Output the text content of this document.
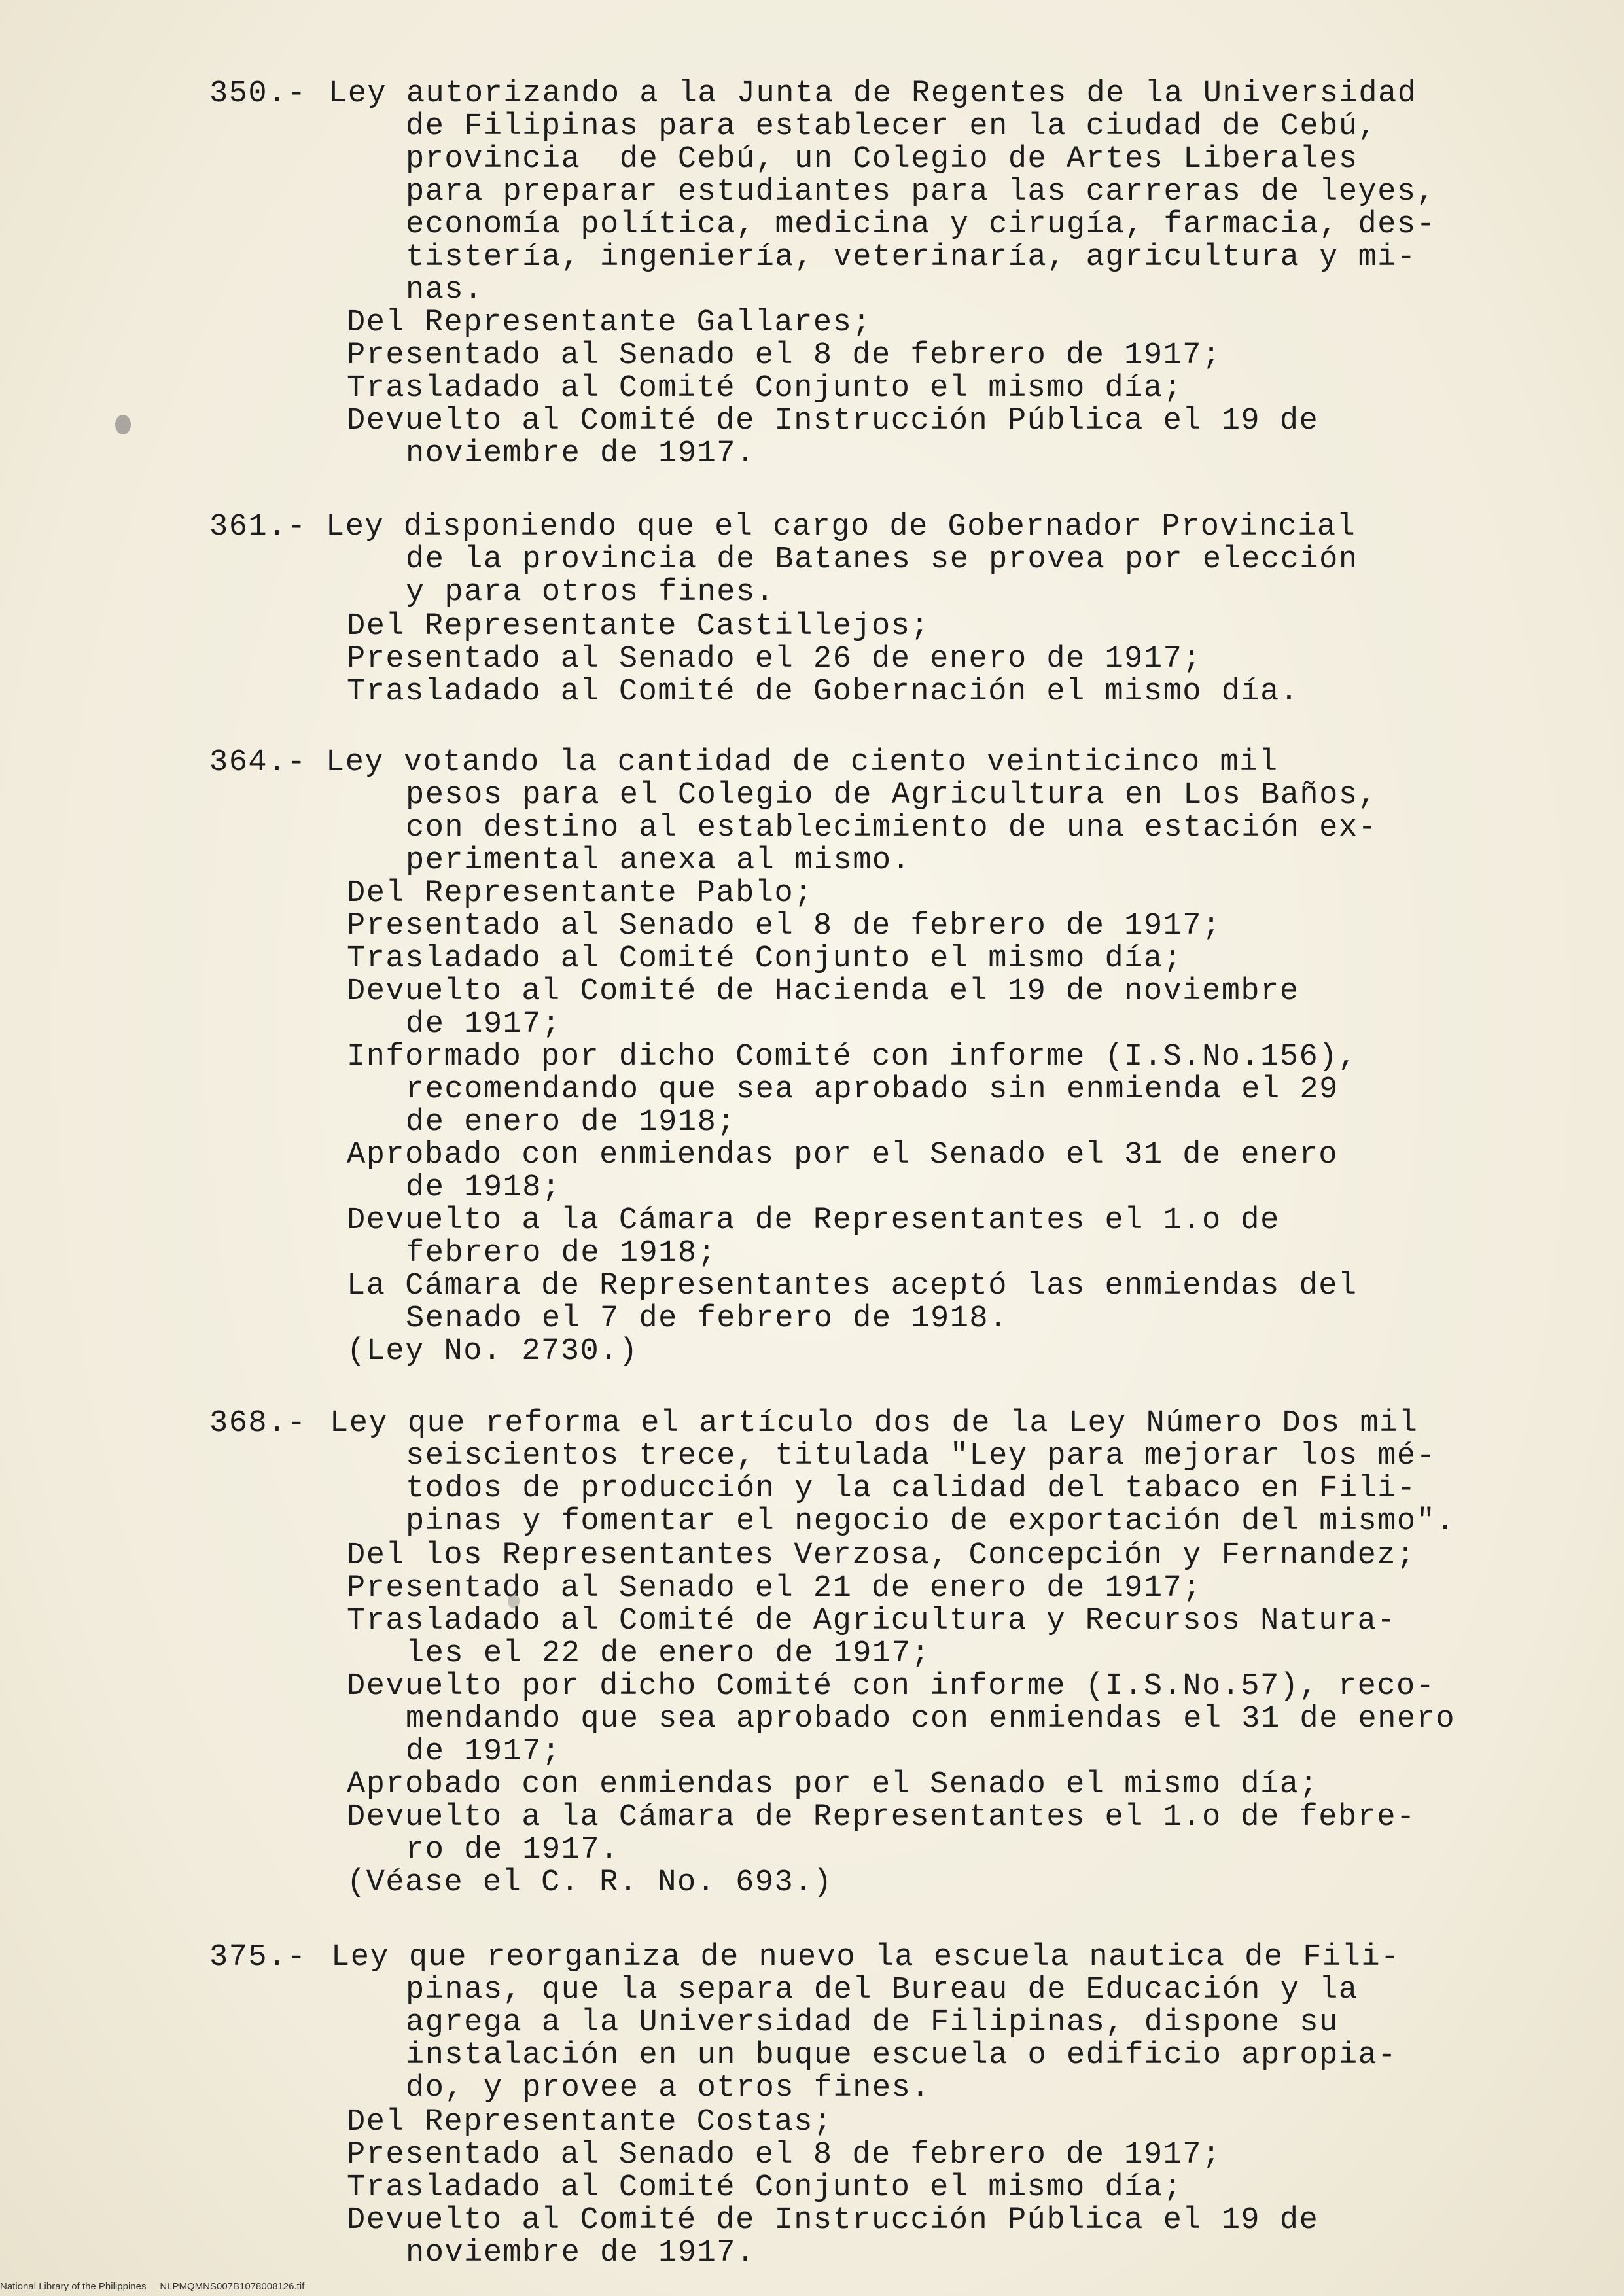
350.- Ley autorizando a la Junta de Regentes de la Universidad
de Filipinas para establecer en la ciudad de Cebú,
provincia  de Cebú, un Colegio de Artes Liberales
para preparar estudiantes para las carreras de leyes,
economía política, medicina y cirugía, farmacia, des-
tistería, ingeniería, veterinaría, agricultura y mi-
nas.
Del Representante Gallares;
Presentado al Senado el 8 de febrero de 1917;
Trasladado al Comité Conjunto el mismo día;
Devuelto al Comité de Instrucción Pública el 19 de
noviembre de 1917.
361.- Ley disponiendo que el cargo de Gobernador Provincial
de la provincia de Batanes se provea por elección
y para otros fines.
Del Representante Castillejos;
Presentado al Senado el 26 de enero de 1917;
Trasladado al Comité de Gobernación el mismo día.
364.- Ley votando la cantidad de ciento veinticinco mil
pesos para el Colegio de Agricultura en Los Baños,
con destino al establecimiento de una estación ex-
perimental anexa al mismo.
Del Representante Pablo;
Presentado al Senado el 8 de febrero de 1917;
Trasladado al Comité Conjunto el mismo día;
Devuelto al Comité de Hacienda el 19 de noviembre
de 1917;
Informado por dicho Comité con informe (I.S.No.156),
recomendando que sea aprobado sin enmienda el 29
de enero de 1918;
Aprobado con enmiendas por el Senado el 31 de enero
de 1918;
Devuelto a la Cámara de Representantes el 1.o de
febrero de 1918;
La Cámara de Representantes aceptó las enmiendas del
Senado el 7 de febrero de 1918.
(Ley No. 2730.)
368.- Ley que reforma el artículo dos de la Ley Número Dos mil
seiscientos trece, titulada "Ley para mejorar los mé-
todos de producción y la calidad del tabaco en Fili-
pinas y fomentar el negocio de exportación del mismo".
Del los Representantes Verzosa, Concepción y Fernandez;
Presentado al Senado el 21 de enero de 1917;
Trasladado al Comité de Agricultura y Recursos Natura-
les el 22 de enero de 1917;
Devuelto por dicho Comité con informe (I.S.No.57), reco-
mendando que sea aprobado con enmiendas el 31 de enero
de 1917;
Aprobado con enmiendas por el Senado el mismo día;
Devuelto a la Cámara de Representantes el 1.o de febre-
ro de 1917.
(Véase el C. R. No. 693.)
375.- Ley que reorganiza de nuevo la escuela nautica de Fili-
pinas, que la separa del Bureau de Educación y la
agrega a la Universidad de Filipinas, dispone su
instalación en un buque escuela o edificio apropia-
do, y provee a otros fines.
Del Representante Costas;
Presentado al Senado el 8 de febrero de 1917;
Trasladado al Comité Conjunto el mismo día;
Devuelto al Comité de Instrucción Pública el 19 de
noviembre de 1917.
National Library of the Philippines NLPMQMNS007B1078008126.tif
